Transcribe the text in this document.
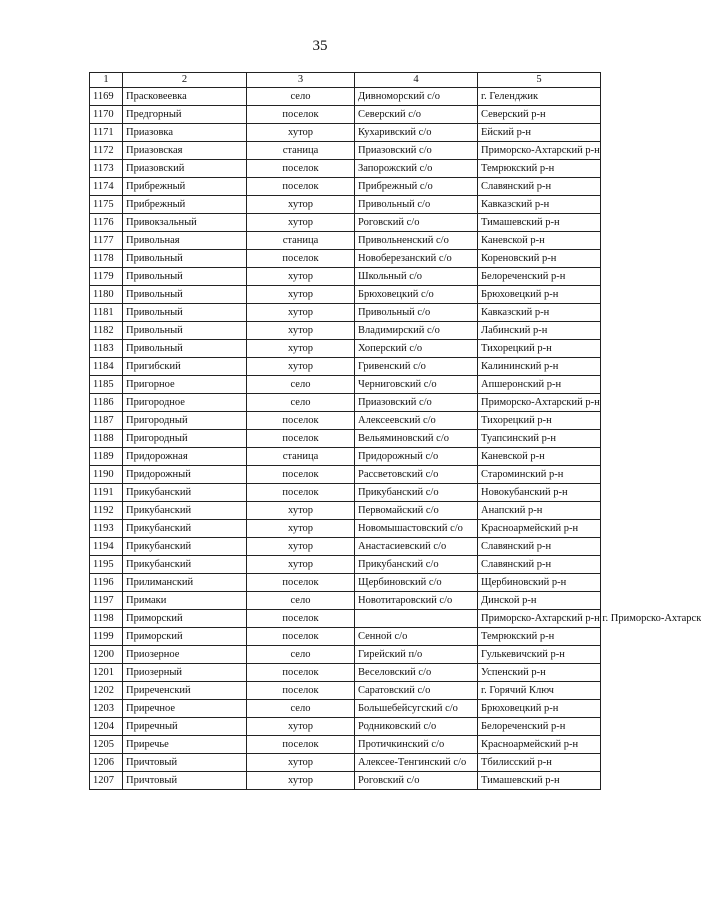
35
1	2	3	4	5
1169	Прасковеевка	село	Дивноморский с/о	г. Геленджик
1170	Предгорный	поселок	Северский с/о	Северский р-н
1171	Приазовка	хутор	Кухаривский с/о	Ейский р-н
1172	Приазовская	станица	Приазовский с/о	Приморско-Ахтарский р-н
1173	Приазовский	поселок	Запорожский с/о	Темрюкский р-н
1174	Прибрежный	поселок	Прибрежный с/о	Славянский р-н
1175	Прибрежный	хутор	Привольный с/о	Кавказский р-н
1176	Привокзальный	хутор	Роговский с/о	Тимашевский р-н
1177	Привольная	станица	Привольненский с/о	Каневской р-н
1178	Привольный	поселок	Новоберезанский с/о	Кореновский р-н
1179	Привольный	хутор	Школьный с/о	Белореченский р-н
1180	Привольный	хутор	Брюховецкий с/о	Брюховецкий р-н
1181	Привольный	хутор	Привольный с/о	Кавказский р-н
1182	Привольный	хутор	Владимирский с/о	Лабинский р-н
1183	Привольный	хутор	Хоперский с/о	Тихорецкий р-н
1184	Пригибский	хутор	Гривенский с/о	Калининский р-н
1185	Пригорное	село	Черниговский с/о	Апшеронский р-н
1186	Пригородное	село	Приазовский с/о	Приморско-Ахтарский р-н
1187	Пригородный	поселок	Алексеевский с/о	Тихорецкий р-н
1188	Пригородный	поселок	Вельяминовский с/о	Туапсинский р-н
1189	Придорожная	станица	Придорожный с/о	Каневской р-н
1190	Придорожный	поселок	Рассветовский с/о	Староминский р-н
1191	Прикубанский	поселок	Прикубанский с/о	Новокубанский р-н
1192	Прикубанский	хутор	Первомайский с/о	Анапский р-н
1193	Прикубанский	хутор	Новомышастовский с/о	Красноармейский р-н
1194	Прикубанский	хутор	Анастасиевский с/о	Славянский р-н
1195	Прикубанский	хутор	Прикубанский с/о	Славянский р-н
1196	Прилиманский	поселок	Щербиновский с/о	Щербиновский р-н
1197	Примаки	село	Новотитаровский с/о	Динской р-н
1198	Приморский	поселок		Приморско-Ахтарский р-н г. Приморско-Ахтарск
1199	Приморский	поселок	Сенной с/о	Темрюкский р-н
1200	Приозерное	село	Гирейский п/о	Гулькевичский р-н
1201	Приозерный	поселок	Веселовский с/о	Успенский р-н
1202	Приреченский	поселок	Саратовский с/о	г. Горячий Ключ
1203	Приречное	село	Большебейсугский с/о	Брюховецкий р-н
1204	Приречный	хутор	Родниковский с/о	Белореченский р-н
1205	Приречье	поселок	Протичкинский с/о	Красноармейский р-н
1206	Причтовый	хутор	Алексее-Тенгинский с/о	Тбилисский р-н
1207	Причтовый	хутор	Роговский с/о	Тимашевский р-н
